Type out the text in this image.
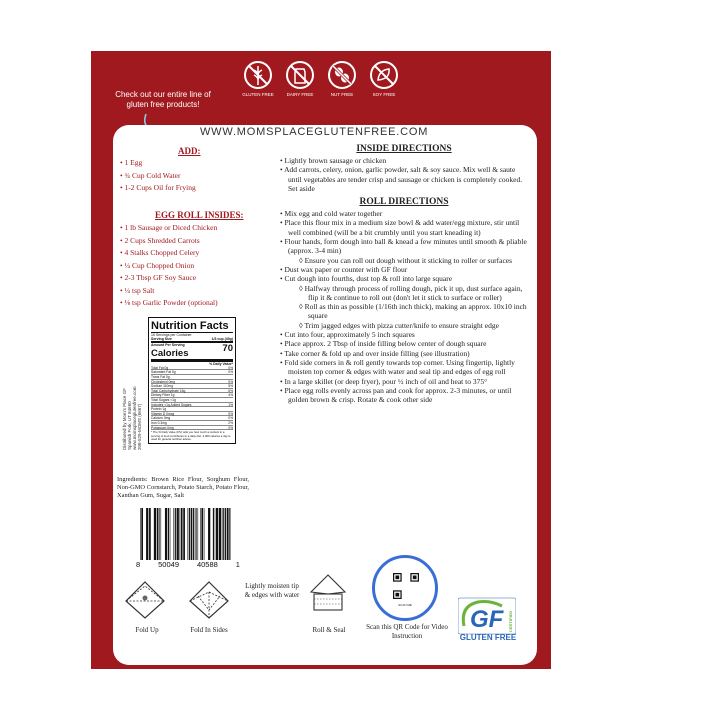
GLUTEN FREE	DAIRY FREE	NUT FREE	SOY FREE
Check out our entire line of gluten free products!
WWW.MOMSPLACEGLUTENFREE.COM
ADD:
• 1 Egg
• ¾ Cup Cold Water
• 1-2 Cups Oil for Frying
EGG ROLL INSIDES:
• 1 lb Sausage or Diced Chicken
• 2 Cups Shredded Carrots
• 4 Stalks Chopped Celery
• ¼ Cup Chopped Onion
• 2-3 Tbsp GF Soy Sauce
• ¼ tsp Salt
• ⅛ tsp Garlic Powder (optional)
Distributed by Mom's Place GF Spanish Fork, UT 84660 www.momsplaceglutenfree.com 208-529-MOMS (6667)
Nutrition Facts
16 Servings per Container
Serving Size	1/3 cup (40g)
Amount Per Serving
Calories	70
% Daily Value*
Total Fat 0g	0%
Saturated Fat 0g	0%
Trans Fat 0g
Cholesterol 0mg	0%
Sodium 110mg	5%
Total Carbohydrate 16g	6%
Dietary Fiber 1g	4%
Total Sugars <1g
Includes <1g Added Sugars	1%
Protein 1g
Vitamin D 0mcg	0%
Calcium 0mg	0%
Iron 0.3mg	2%
Potassium 0mg	0%
* The % Daily Value (DV) tells you how much a nutrient in a serving of food contributes to a daily diet. 2,000 calories a day is used for general nutrition advice.
Ingredients: Brown Rice Flour, Sorghum Flour, Non-GMO Cornstarch, Potato Starch, Potato Flour, Xanthan Gum, Sugar, Salt
8 50049 40588 1
Fold Up	Fold In Sides
Lightly moisten tip & edges with water
Roll & Seal
SCAN ME
Scan this QR Code for Video Instruction
GF	CERTIFIED
GLUTEN FREE
INSIDE DIRECTIONS
• Lightly brown sausage or chicken
• Add carrots, celery, onion, garlic powder, salt & soy sauce. Mix well & saute until vegetables are tender crisp and sausage or chicken is completely cooked. Set aside
ROLL DIRECTIONS
• Mix egg and cold water together
• Place this flour mix in a medium size bowl & add water/egg mixture, stir until well combined (will be a bit crumbly until you start kneading it)
• Flour hands, form dough into ball & knead a few minutes until smooth & pliable (approx. 3-4 min)
◊ Ensure you can roll out dough without it sticking to roller or surfaces
• Dust wax paper or counter with GF flour
• Cut dough into fourths, dust top & roll into large square
◊ Halfway through process of rolling dough, pick it up, dust surface again, flip it & continue to roll out (don't let it stick to surface or roller)
◊ Roll as thin as possible (1/16th inch thick), making an approx. 10x10 inch square
◊ Trim jagged edges with pizza cutter/knife to ensure straight edge
• Cut into four, approximately 5 inch squares
• Place approx. 2 Tbsp of inside filling below center of dough square
• Take corner & fold up and over inside filling (see illustration)
• Fold side corners in & roll gently towards top corner. Using fingertip, lightly moisten top corner & edges with water and seal tip and edges of egg roll
• In a large skillet (or deep fryer), pour ½ inch of oil and heat to 375°
• Place egg rolls evenly across pan and cook for approx. 2-3 minutes, or until golden brown & crisp. Rotate & cook other side
